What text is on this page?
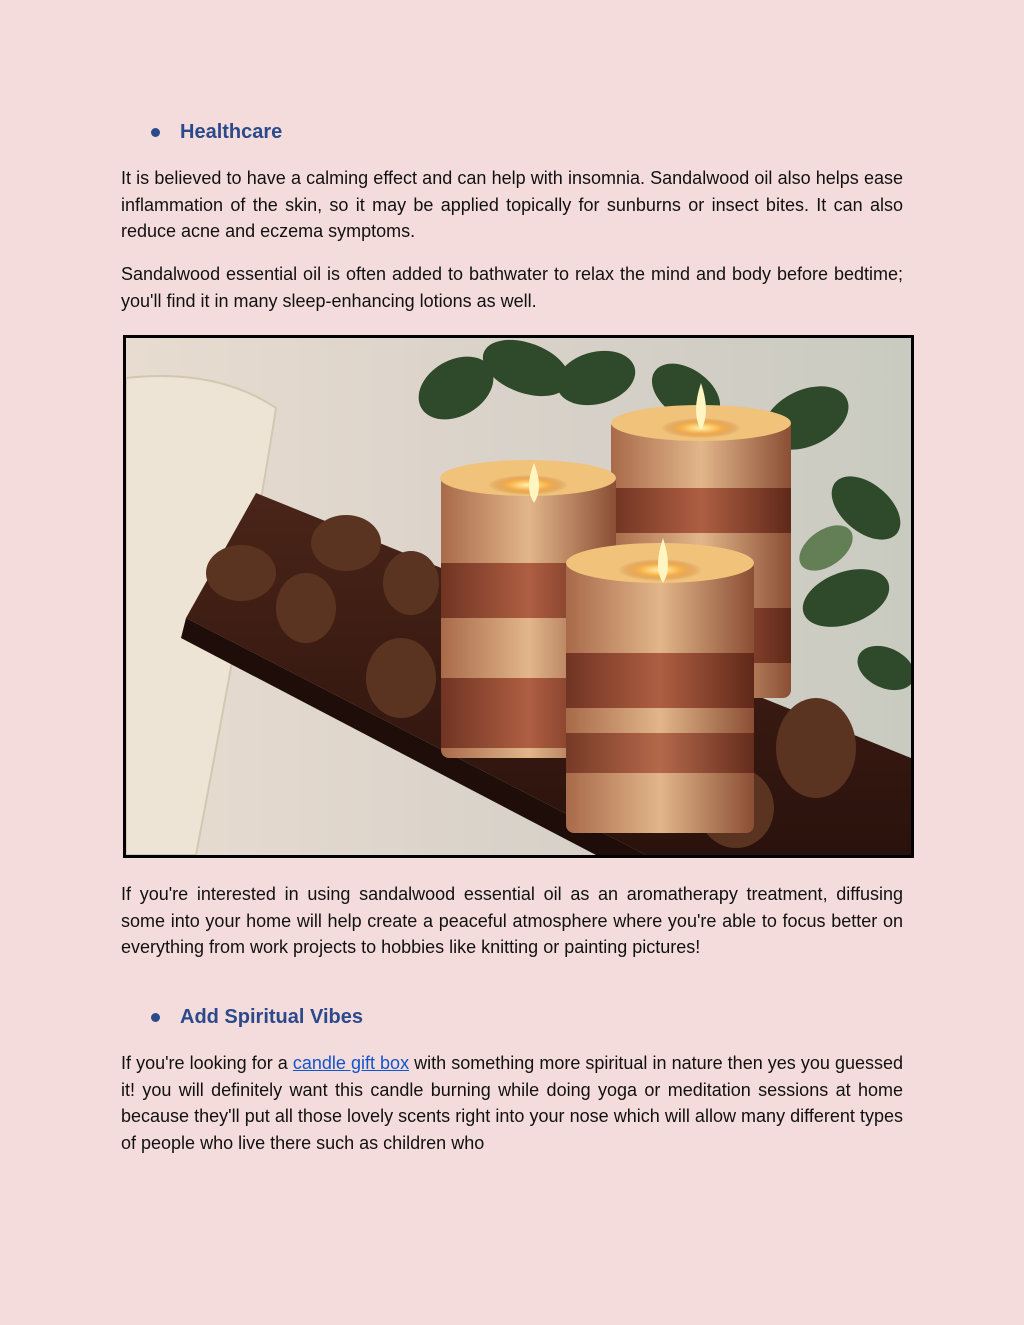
Healthcare
It is believed to have a calming effect and can help with insomnia. Sandalwood oil also helps ease inflammation of the skin, so it may be applied topically for sunburns or insect bites. It can also reduce acne and eczema symptoms.
Sandalwood essential oil is often added to bathwater to relax the mind and body before bedtime; you'll find it in many sleep-enhancing lotions as well.
If you're interested in using sandalwood essential oil as an aromatherapy treatment, diffusing some into your home will help create a peaceful atmosphere where you're able to focus better on everything from work projects to hobbies like knitting or painting pictures!
Add Spiritual Vibes
If you're looking for a candle gift box with something more spiritual in nature then yes you guessed it! you will definitely want this candle burning while doing yoga or meditation sessions at home because they'll put all those lovely scents right into your nose which will allow many different types of people who live there such as children who
